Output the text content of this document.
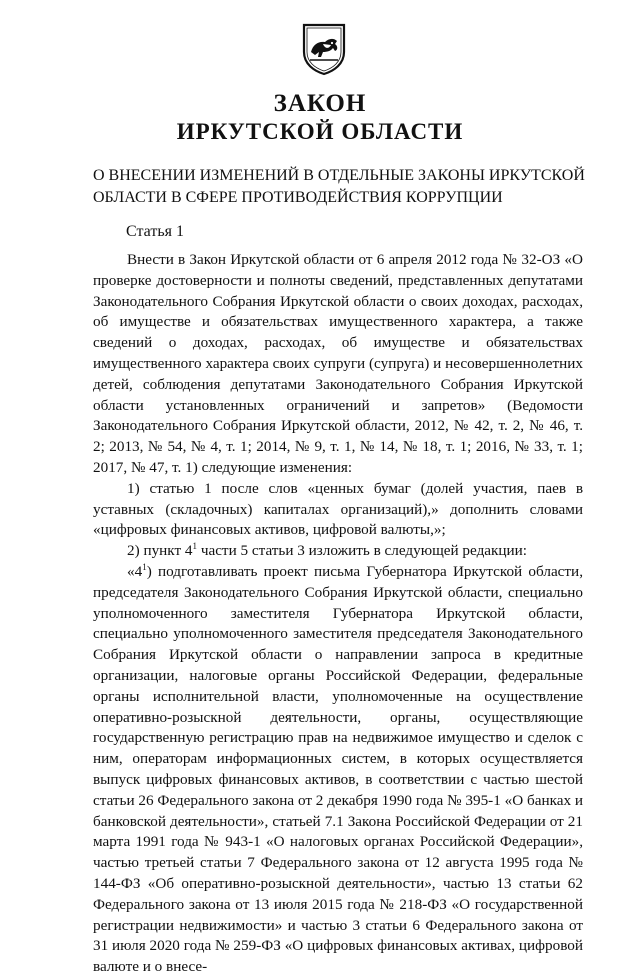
ЗАКОН
ИРКУТСКОЙ ОБЛАСТИ
О ВНЕСЕНИИ ИЗМЕНЕНИЙ В ОТДЕЛЬНЫЕ ЗАКОНЫ ИРКУТСКОЙ ОБЛАСТИ В СФЕРЕ ПРОТИВОДЕЙСТВИЯ КОРРУПЦИИ
Статья 1

Внести в Закон Иркутской области от 6 апреля 2012 года № 32-ОЗ «О проверке достоверности и полноты сведений, представленных депутатами Законодательного Собрания Иркутской области о своих доходах, расходах, об имуществе и обязательствах имущественного характера, а также сведений о доходах, расходах, об имуществе и обязательствах имущественного характера своих супруги (супруга) и несовершеннолетних детей, соблюдения депутатами Законодательного Собрания Иркутской области установленных ограничений и запретов» (Ведомости Законодательного Собрания Иркутской области, 2012, № 42, т. 2, № 46, т. 2; 2013, № 54, № 4, т. 1; 2014, № 9, т. 1, № 14, № 18, т. 1; 2016, № 33, т. 1; 2017, № 47, т. 1) следующие изменения:

1) статью 1 после слов «ценных бумаг (долей участия, паев в уставных (складочных) капиталах организаций),» дополнить словами «цифровых финансовых активов, цифровой валюты,»;

2) пункт $4^1$ части 5 статьи 3 изложить в следующей редакции:

«$4^1$) подготавливать проект письма Губернатора Иркутской области, председателя Законодательного Собрания Иркутской области, специально уполномоченного заместителя Губернатора Иркутской области, специально уполномоченного заместителя председателя Законодательного Собрания Иркутской области о направлении запроса в кредитные организации, налоговые органы Российской Федерации, федеральные органы исполнительной власти, уполномоченные на осуществление оперативно-розыскной деятельности, органы, осуществляющие государственную регистрацию прав на недвижимое имущество и сделок с ним, операторам информационных систем, в которых осуществляется выпуск цифровых финансовых активов, в соответствии с частью шестой статьи 26 Федерального закона от 2 декабря 1990 года № 395-1 «О банках и банковской деятельности», статьей 7.1 Закона Российской Федерации от 21 марта 1991 года № 943-1 «О налоговых органах Российской Федерации», частью третьей статьи 7 Федерального закона от 12 августа 1995 года № 144-ФЗ «Об оперативно-розыскной деятельности», частью 13 статьи 62 Федерального закона от 13 июля 2015 года № 218-ФЗ «О государственной регистрации недвижимости» и частью 3 статьи 6 Федерального закона от 31 июля 2020 года № 259-ФЗ «О цифровых финансовых активах, цифровой валюте и о внесе-
